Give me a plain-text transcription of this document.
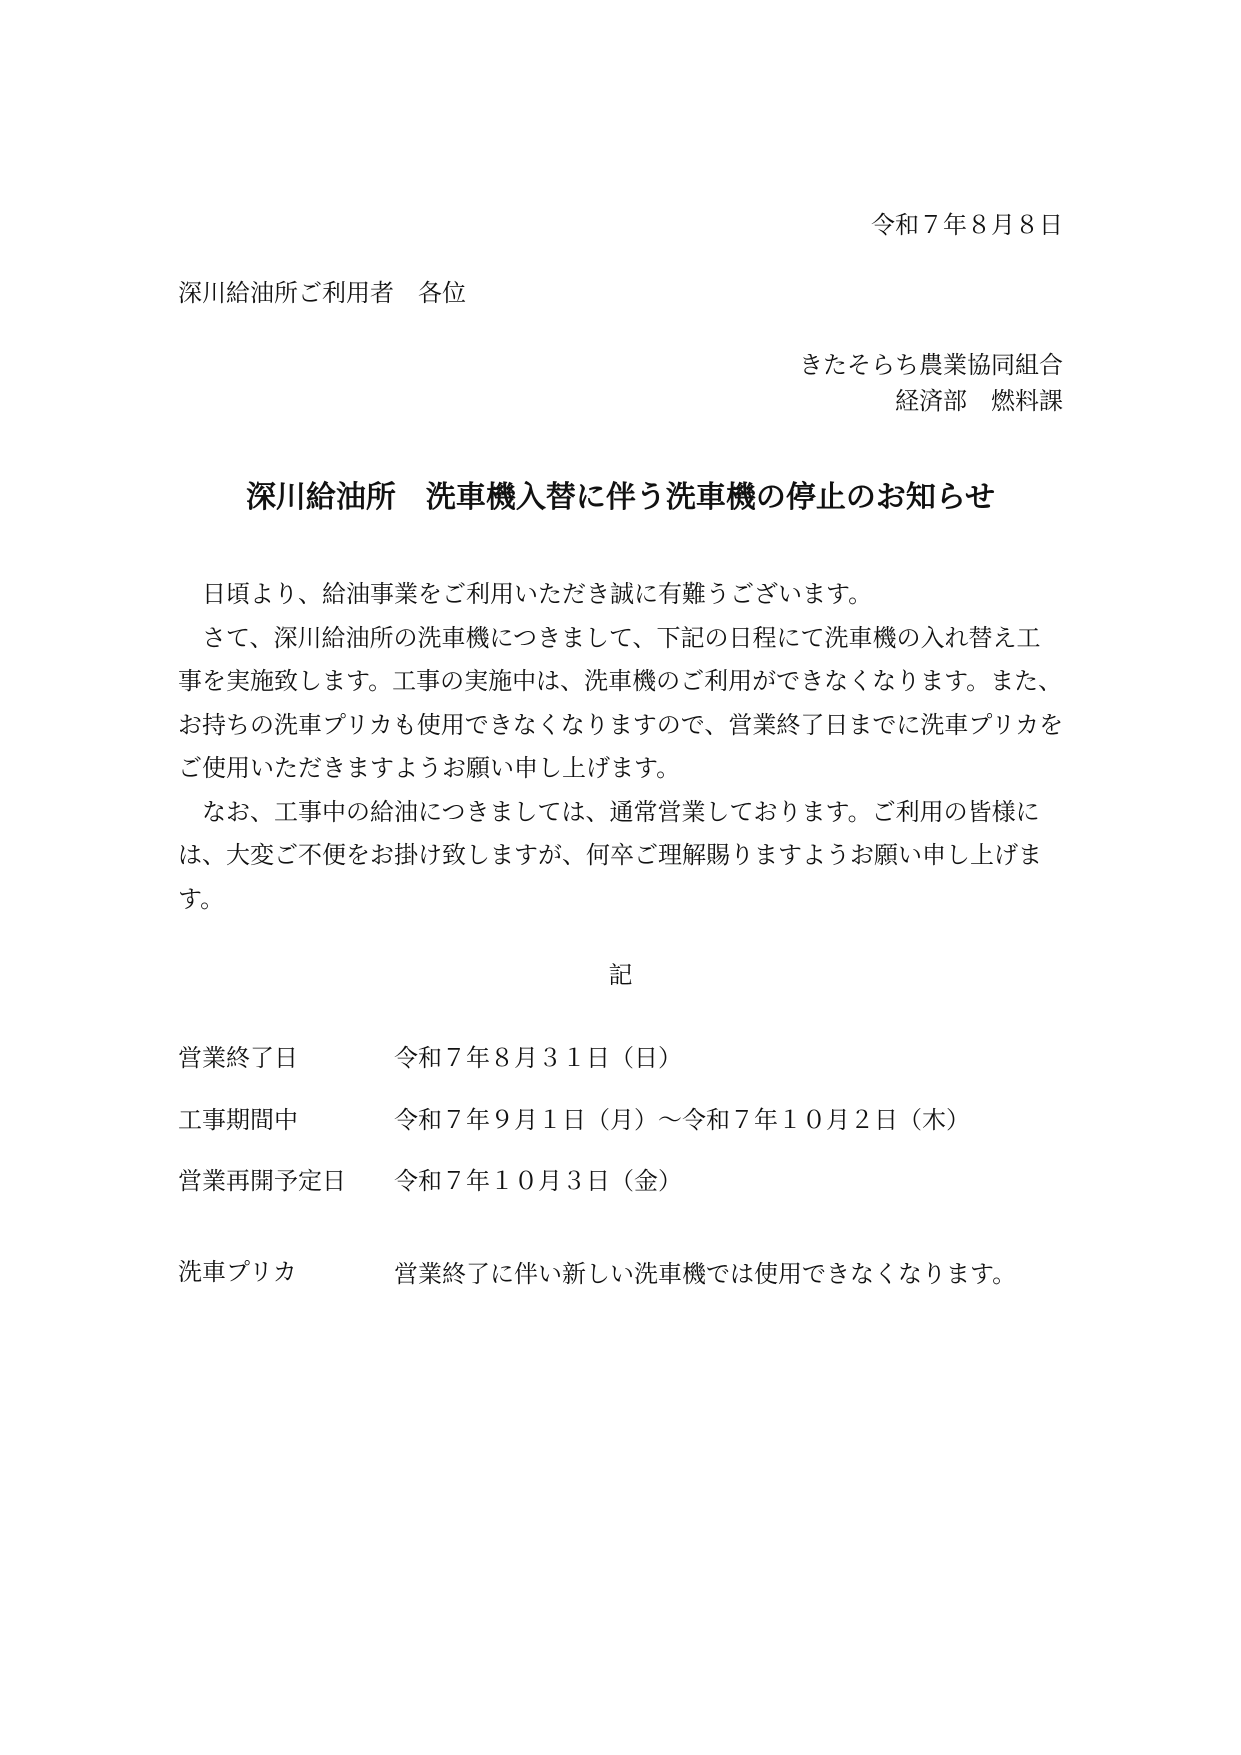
令和７年８月８日
深川給油所ご利用者　各位
きたそらち農業協同組合
経済部　燃料課
深川給油所　洗車機入替に伴う洗車機の停止のお知らせ

日頃より、給油事業をご利用いただき誠に有難うございます。

さて、深川給油所の洗車機につきまして、下記の日程にて洗車機の入れ替え工事を実施致します。工事の実施中は、洗車機のご利用ができなくなります。また、お持ちの洗車プリカも使用できなくなりますので、営業終了日までに洗車プリカをご使用いただきますようお願い申し上げます。

なお、工事中の給油につきましては、通常営業しております。ご利用の皆様には、大変ご不便をお掛け致しますが、何卒ご理解賜りますようお願い申し上げます。

記
営業終了日	令和７年８月３１日（日）
工事期間中	令和７年９月１日（月）～令和７年１０月２日（木）
営業再開予定日 令和７年１０月３日（金）
洗車プリカ	営業終了に伴い新しい洗車機では使用できなくなります。
